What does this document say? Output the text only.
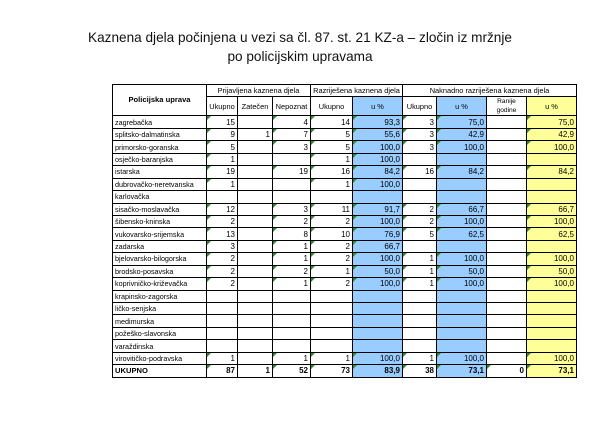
Kaznena djela počinjena u vezi sa čl. 87. st. 21 KZ-a – zločin iz mržnje
po policijskim upravama
Policijska uprava	Prijavljena kaznena djela			Razriješena kaznena djela		Naknadno razriješena kaznena djela			
	Ukupno	Zatečen	Nepoznat	Ukupno	u %	Ukupno	u %	Ranije godine	u %
zagrebačka	15		4	14	93,3	3	75,0		75,0
splitsko-dalmatinska	9	1	7	5	55,6	3	42,9		42,9
primorsko-goranska	5		3	5	100,0	3	100,0		100,0
osječko-baranjska	1			1	100,0				
istarska	19		19	16	84,2	16	84,2		84,2
dubrovačko-neretvanska	1			1	100,0				
karlovačka									
sisačko-moslavačka	12		3	11	91,7	2	66,7		66,7
šibensko-kninska	2		2	2	100,0	2	100,0		100,0
vukovarsko-srijemska	13		8	10	76,9	5	62,5		62,5
zadarska	3		1	2	66,7				
bjelovarsko-bilogorska	2		1	2	100,0	1	100,0		100,0
brodsko-posavska	2		2	1	50,0	1	50,0		50,0
koprivničko-križevačka	2		1	2	100,0	1	100,0		100,0
krapinsko-zagorska									
ličko-senjska									
medimurska									
požeško-slavonska									
varaždinska									
virovitičko-podravska	1		1	1	100,0	1	100,0		100,0
UKUPNO	87	1	52	73	83,9	38	73,1	0	73,1
